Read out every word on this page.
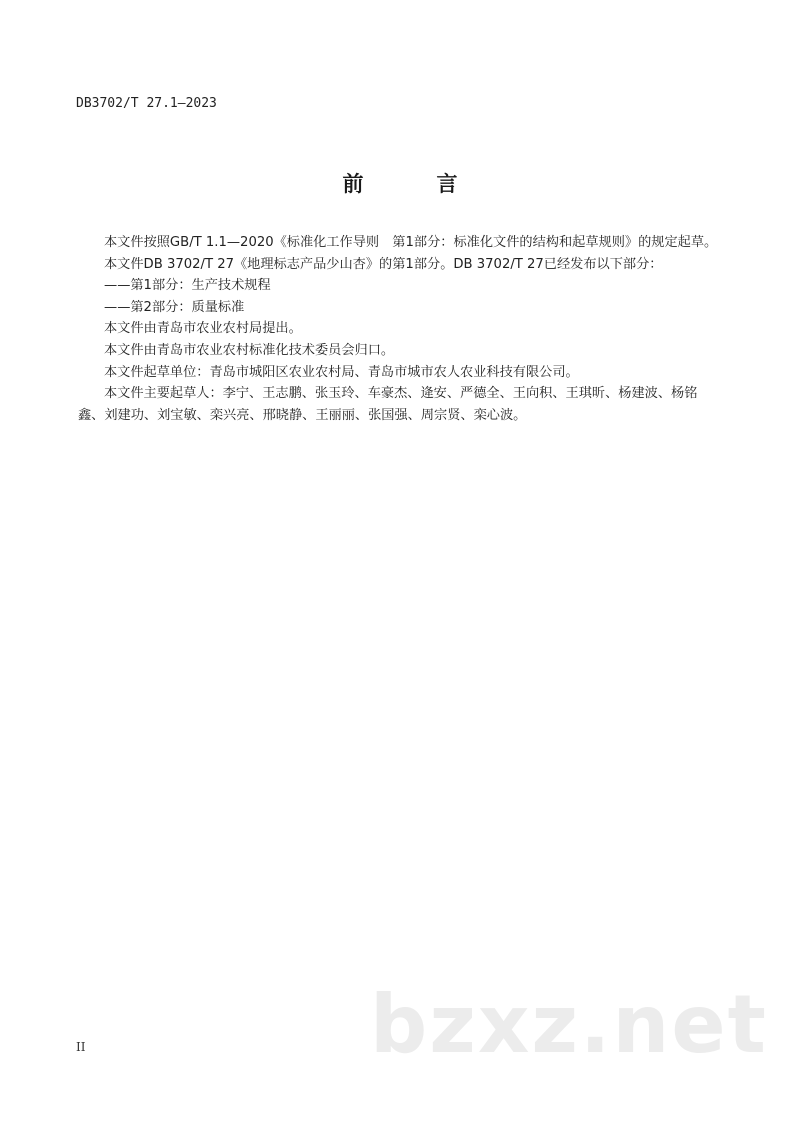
DB3702/T 27.1—2023
前　言

本文件按照GB/T 1.1—2020《标准化工作导则　第1部分：标准化文件的结构和起草规则》的规定起草。

本文件DB 3702/T 27《地理标志产品少山杏》的第1部分。DB 3702/T 27已经发布以下部分：

——第1部分：生产技术规程

——第2部分：质量标准

本文件由青岛市农业农村局提出。

本文件由青岛市农业农村标准化技术委员会归口。

本文件起草单位：青岛市城阳区农业农村局、青岛市城市农人农业科技有限公司。

本文件主要起草人：李宁、王志鹏、张玉玲、车豪杰、逄安、严德全、王向积、王琪昕、杨建波、杨铭鑫、刘建功、刘宝敏、栾兴亮、邢晓静、王丽丽、张国强、周宗贤、栾心波。

II	bzxz.net
